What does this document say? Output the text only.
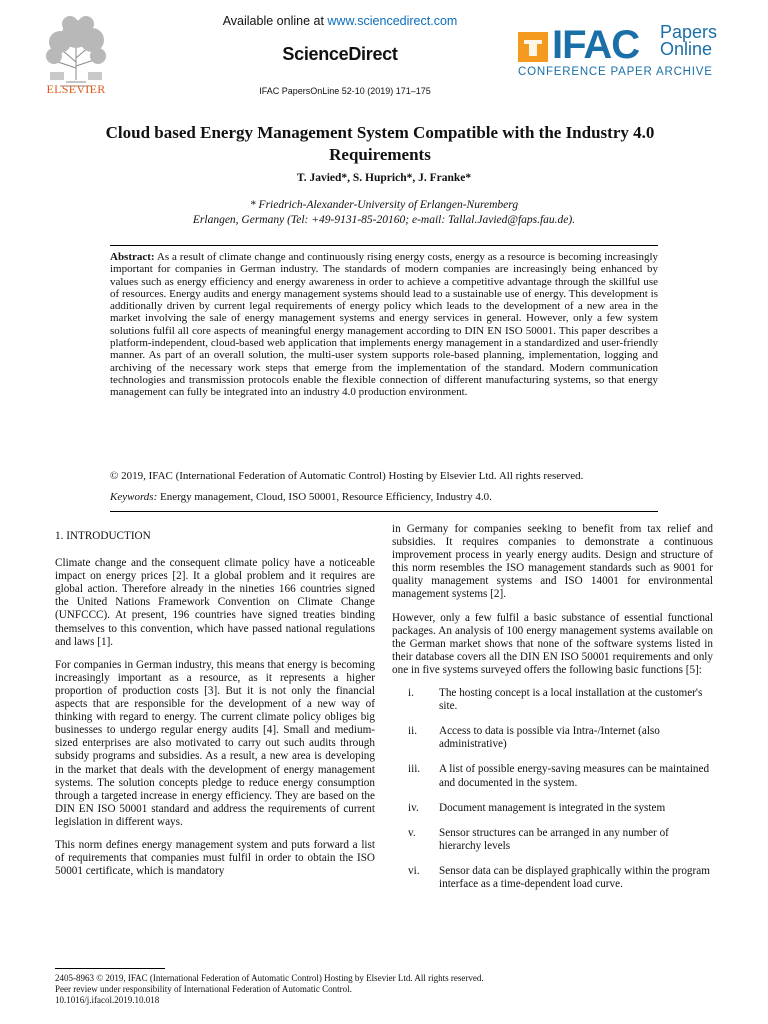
Available online at www.sciencedirect.com
ScienceDirect
IFAC PapersOnLine 52-10 (2019) 171–175
ELSEVIER
IFAC Papers
Online
CONFERENCE PAPER ARCHIVE
Cloud based Energy Management System Compatible with the Industry 4.0 Requirements
T. Javied*, S. Huprich*, J. Franke*
* Friedrich-Alexander-University of Erlangen-Nuremberg
Erlangen, Germany (Tel: +49-9131-85-20160; e-mail: Tallal.Javied@faps.fau.de).
Abstract: As a result of climate change and continuously rising energy costs, energy as a resource is becoming increasingly important for companies in German industry. The standards of modern companies are increasingly being enhanced by values such as energy efficiency and energy awareness in order to achieve a competitive advantage through the skillful use of resources. Energy audits and energy management systems should lead to a sustainable use of energy. This development is additionally driven by current legal requirements of energy policy which leads to the development of a new area in the market involving the sale of energy management systems and energy services in general. However, only a few system solutions fulfil all core aspects of meaningful energy management according to DIN EN ISO 50001. This paper describes a platform-independent, cloud-based web application that implements energy management in a standardized and user-friendly manner. As part of an overall solution, the multi-user system supports role-based planning, implementation, logging and archiving of the necessary work steps that emerge from the implementation of the standard. Modern communication technologies and transmission protocols enable the flexible connection of different manufacturing systems, so that energy management can fully be integrated into an industry 4.0 production environment.
© 2019, IFAC (International Federation of Automatic Control) Hosting by Elsevier Ltd. All rights reserved.
Keywords: Energy management, Cloud, ISO 50001, Resource Efficiency, Industry 4.0.

1. INTRODUCTION

Climate change and the consequent climate policy have a noticeable impact on energy prices [2]. It a global problem and it requires are global action. Therefore already in the nineties 166 countries signed the United Nations Framework Convention on Climate Change (UNFCCC). At present, 196 countries have signed treaties binding themselves to this convention, which have passed national regulations and laws [1].

For companies in German industry, this means that energy is becoming increasingly important as a resource, as it represents a higher proportion of production costs [3]. But it is not only the financial aspects that are responsible for the development of a new way of thinking with regard to energy. The current climate policy obliges big businesses to undergo regular energy audits [4]. Small and medium-sized enterprises are also motivated to carry out such audits through subsidy programs and subsidies. As a result, a new area is developing in the market that deals with the development of energy management systems. The solution concepts pledge to reduce energy consumption through a targeted increase in energy efficiency. They are based on the DIN EN ISO 50001 standard and address the requirements of current legislation in different ways.

This norm defines energy management system and puts forward a list of requirements that companies must fulfil in order to obtain the ISO 50001 certificate, which is mandatory

in Germany for companies seeking to benefit from tax relief and subsidies. It requires companies to demonstrate a continuous improvement process in yearly energy audits. Design and structure of this norm resembles the ISO management standards such as 9001 for quality management systems and ISO 14001 for environmental management systems [2].

However, only a few fulfil a basic substance of essential functional packages. An analysis of 100 energy management systems available on the German market shows that none of the software systems listed in their database covers all the DIN EN ISO 50001 requirements and only one in five systems surveyed offers the following basic functions [5]:

i.	The hosting concept is a local installation at the customer's site.
ii.	Access to data is possible via Intra-/Internet (also administrative)
iii.	A list of possible energy-saving measures can be maintained and documented in the system.
iv.	Document management is integrated in the system
v.	Sensor structures can be arranged in any number of hierarchy levels
vi.	Sensor data can be displayed graphically within the program interface as a time-dependent load curve.
2405-8963 © 2019, IFAC (International Federation of Automatic Control) Hosting by Elsevier Ltd. All rights reserved.
Peer review under responsibility of International Federation of Automatic Control.
10.1016/j.ifacol.2019.10.018
